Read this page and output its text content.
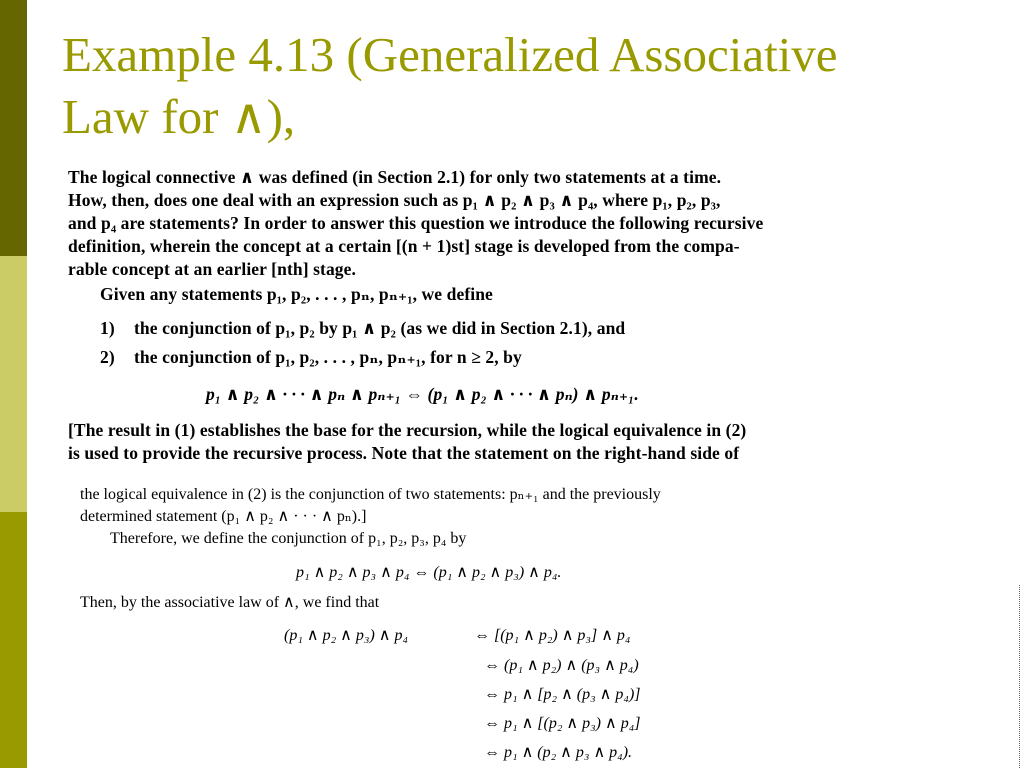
Example 4.13 (Generalized Associative
Law for ∧),
The logical connective ∧ was defined (in Section 2.1) for only two statements at a time.
How, then, does one deal with an expression such as p₁ ∧ p₂ ∧ p₃ ∧ p₄, where p₁, p₂, p₃,
and p₄ are statements? In order to answer this question we introduce the following recursive
definition, wherein the concept at a certain [(n + 1)st] stage is developed from the compa-
rable concept at an earlier [nth] stage.
Given any statements p₁, p₂, . . . , pₙ, pₙ₊₁, we define
1) the conjunction of p₁, p₂ by p₁ ∧ p₂ (as we did in Section 2.1), and
2) the conjunction of p₁, p₂, . . . , pₙ, pₙ₊₁, for n ≥ 2, by
p₁ ∧ p₂ ∧ · · · ∧ pₙ ∧ pₙ₊₁ ⇔ (p₁ ∧ p₂ ∧ · · · ∧ pₙ) ∧ pₙ₊₁.
[The result in (1) establishes the base for the recursion, while the logical equivalence in (2)
is used to provide the recursive process. Note that the statement on the right-hand side of
the logical equivalence in (2) is the conjunction of two statements: pₙ₊₁ and the previously
determined statement (p₁ ∧ p₂ ∧ · · · ∧ pₙ).]
Therefore, we define the conjunction of p₁, p₂, p₃, p₄ by
p₁ ∧ p₂ ∧ p₃ ∧ p₄ ⇔ (p₁ ∧ p₂ ∧ p₃) ∧ p₄.
Then, by the associative law of ∧, we find that
(p₁ ∧ p₂ ∧ p₃) ∧ p₄	⇔ [(p₁ ∧ p₂) ∧ p₃] ∧ p₄
⇔ (p₁ ∧ p₂) ∧ (p₃ ∧ p₄)
⇔ p₁ ∧ [p₂ ∧ (p₃ ∧ p₄)]
⇔ p₁ ∧ [(p₂ ∧ p₃) ∧ p₄]
⇔ p₁ ∧ (p₂ ∧ p₃ ∧ p₄).
